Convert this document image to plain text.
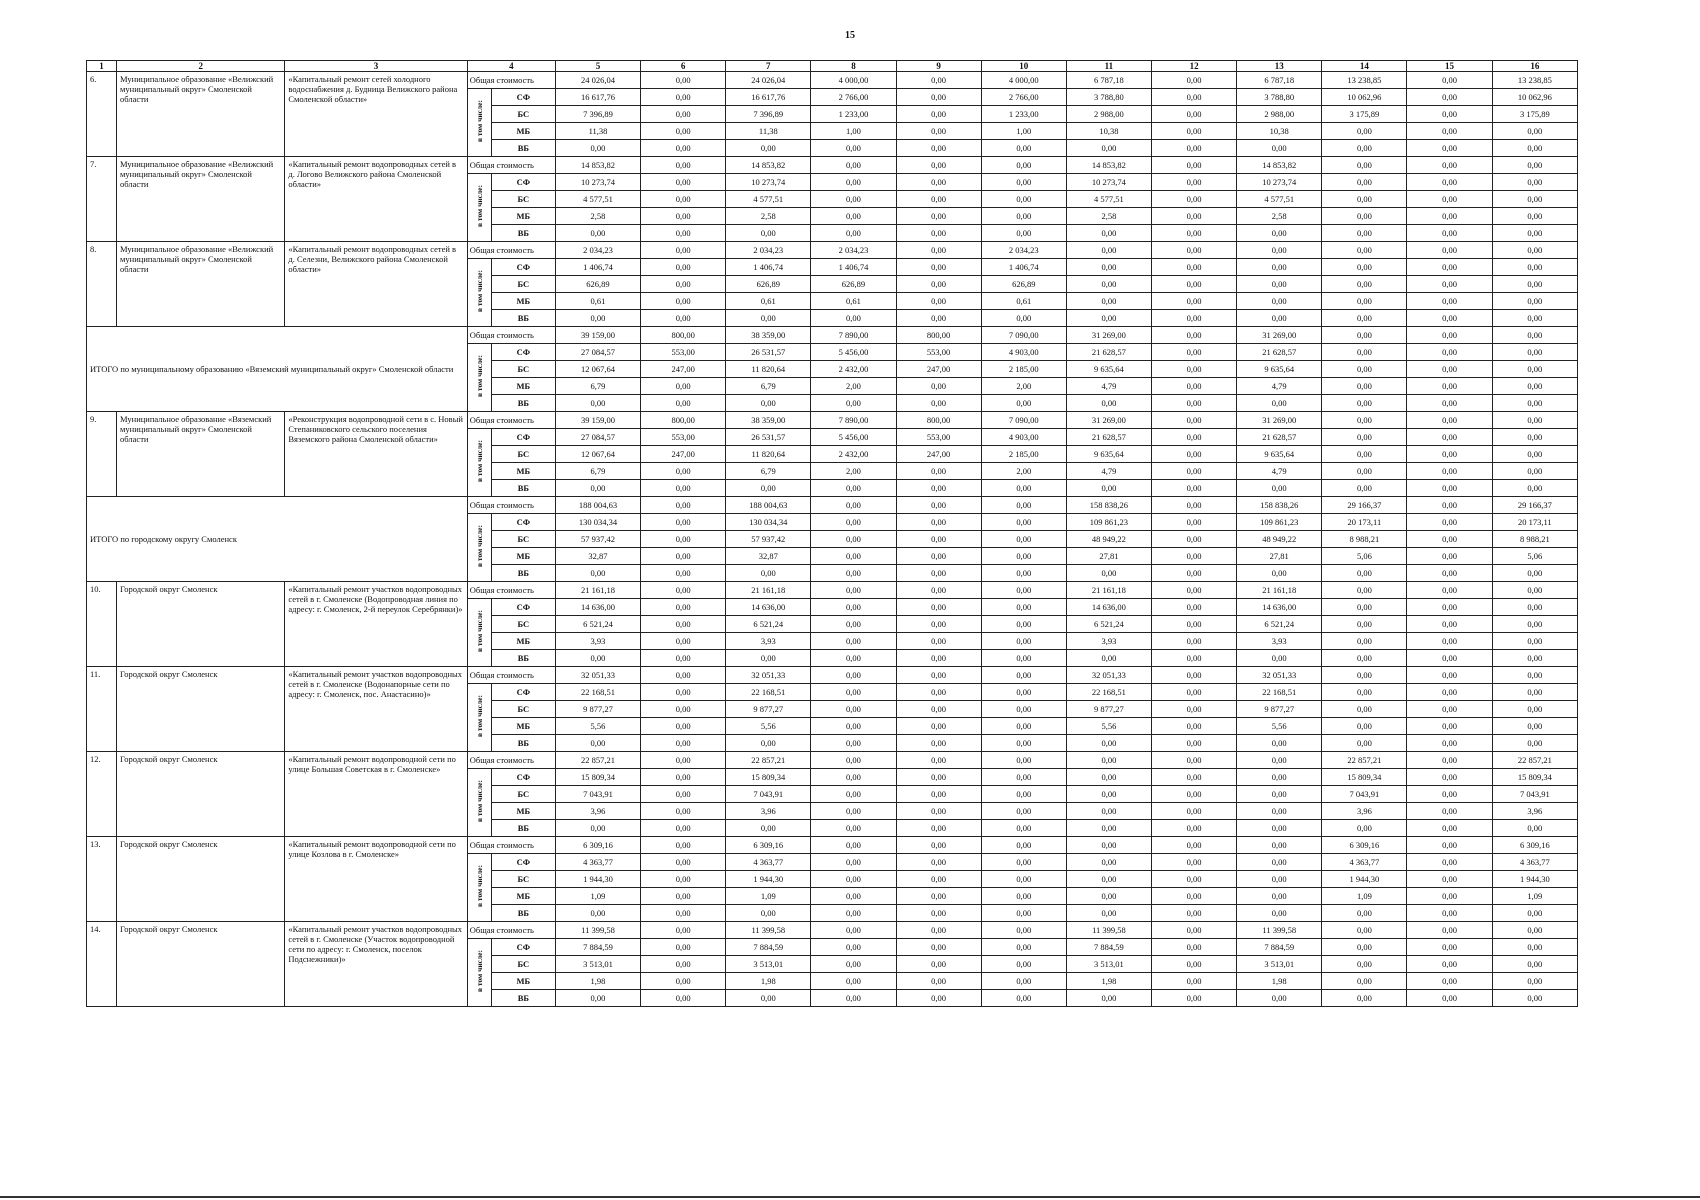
15
1	2	3	4		5	6	7	8	9	10	11	12	13	14	15	16
6.	Муниципальное образование «Велижский муниципальный округ» Смоленской области	«Капитальный ремонт сетей холодного водоснабжения д. Будница Велижского района Смоленской области»	Общая стоимость		24 026,04	0,00	24 026,04	4 000,00	0,00	4 000,00	6 787,18	0,00	6 787,18	13 238,85	0,00	13 238,85
			в том числе:	СФ	16 617,76	0,00	16 617,76	2 766,00	0,00	2 766,00	3 788,80	0,00	3 788,80	10 062,96	0,00	10 062,96
				БС	7 396,89	0,00	7 396,89	1 233,00	0,00	1 233,00	2 988,00	0,00	2 988,00	3 175,89	0,00	3 175,89
				МБ	11,38	0,00	11,38	1,00	0,00	1,00	10,38	0,00	10,38	0,00	0,00	0,00
				ВБ	0,00	0,00	0,00	0,00	0,00	0,00	0,00	0,00	0,00	0,00	0,00	0,00
7.	Муниципальное образование «Велижский муниципальный округ» Смоленской области	«Капитальный ремонт водопроводных сетей в д. Логово Велижского района Смоленской области»	Общая стоимость		14 853,82	0,00	14 853,82	0,00	0,00	0,00	14 853,82	0,00	14 853,82	0,00	0,00	0,00
			в том числе:	СФ	10 273,74	0,00	10 273,74	0,00	0,00	0,00	10 273,74	0,00	10 273,74	0,00	0,00	0,00
				БС	4 577,51	0,00	4 577,51	0,00	0,00	0,00	4 577,51	0,00	4 577,51	0,00	0,00	0,00
				МБ	2,58	0,00	2,58	0,00	0,00	0,00	2,58	0,00	2,58	0,00	0,00	0,00
				ВБ	0,00	0,00	0,00	0,00	0,00	0,00	0,00	0,00	0,00	0,00	0,00	0,00
8.	Муниципальное образование «Велижский муниципальный округ» Смоленской области	«Капитальный ремонт водопроводных сетей в д. Селезни, Велижского района Смоленской области»	Общая стоимость		2 034,23	0,00	2 034,23	2 034,23	0,00	2 034,23	0,00	0,00	0,00	0,00	0,00	0,00
			в том числе:	СФ	1 406,74	0,00	1 406,74	1 406,74	0,00	1 406,74	0,00	0,00	0,00	0,00	0,00	0,00
				БС	626,89	0,00	626,89	626,89	0,00	626,89	0,00	0,00	0,00	0,00	0,00	0,00
				МБ	0,61	0,00	0,61	0,61	0,00	0,61	0,00	0,00	0,00	0,00	0,00	0,00
				ВБ	0,00	0,00	0,00	0,00	0,00	0,00	0,00	0,00	0,00	0,00	0,00	0,00
ИТОГО по муниципальному образованию «Вяземский муниципальный округ» Смоленской области			Общая стоимость		39 159,00	800,00	38 359,00	7 890,00	800,00	7 090,00	31 269,00	0,00	31 269,00	0,00	0,00	0,00
			в том числе:	СФ	27 084,57	553,00	26 531,57	5 456,00	553,00	4 903,00	21 628,57	0,00	21 628,57	0,00	0,00	0,00
				БС	12 067,64	247,00	11 820,64	2 432,00	247,00	2 185,00	9 635,64	0,00	9 635,64	0,00	0,00	0,00
				МБ	6,79	0,00	6,79	2,00	0,00	2,00	4,79	0,00	4,79	0,00	0,00	0,00
				ВБ	0,00	0,00	0,00	0,00	0,00	0,00	0,00	0,00	0,00	0,00	0,00	0,00
9.	Муниципальное образование «Вяземский муниципальный округ» Смоленской области	«Реконструкция водопроводной сети в с. Новый Степаниковского сельского поселения Вяземского района Смоленской области»	Общая стоимость		39 159,00	800,00	38 359,00	7 890,00	800,00	7 090,00	31 269,00	0,00	31 269,00	0,00	0,00	0,00
			в том числе:	СФ	27 084,57	553,00	26 531,57	5 456,00	553,00	4 903,00	21 628,57	0,00	21 628,57	0,00	0,00	0,00
				БС	12 067,64	247,00	11 820,64	2 432,00	247,00	2 185,00	9 635,64	0,00	9 635,64	0,00	0,00	0,00
				МБ	6,79	0,00	6,79	2,00	0,00	2,00	4,79	0,00	4,79	0,00	0,00	0,00
				ВБ	0,00	0,00	0,00	0,00	0,00	0,00	0,00	0,00	0,00	0,00	0,00	0,00
ИТОГО по городскому округу Смоленск			Общая стоимость		188 004,63	0,00	188 004,63	0,00	0,00	0,00	158 838,26	0,00	158 838,26	29 166,37	0,00	29 166,37
			в том числе:	СФ	130 034,34	0,00	130 034,34	0,00	0,00	0,00	109 861,23	0,00	109 861,23	20 173,11	0,00	20 173,11
				БС	57 937,42	0,00	57 937,42	0,00	0,00	0,00	48 949,22	0,00	48 949,22	8 988,21	0,00	8 988,21
				МБ	32,87	0,00	32,87	0,00	0,00	0,00	27,81	0,00	27,81	5,06	0,00	5,06
				ВБ	0,00	0,00	0,00	0,00	0,00	0,00	0,00	0,00	0,00	0,00	0,00	0,00
10.	Городской округ Смоленск	«Капитальный ремонт участков водопроводных сетей в г. Смоленске (Водопроводная линия по адресу: г. Смоленск, 2-й переулок Серебрянки)»	Общая стоимость		21 161,18	0,00	21 161,18	0,00	0,00	0,00	21 161,18	0,00	21 161,18	0,00	0,00	0,00
			в том числе:	СФ	14 636,00	0,00	14 636,00	0,00	0,00	0,00	14 636,00	0,00	14 636,00	0,00	0,00	0,00
				БС	6 521,24	0,00	6 521,24	0,00	0,00	0,00	6 521,24	0,00	6 521,24	0,00	0,00	0,00
				МБ	3,93	0,00	3,93	0,00	0,00	0,00	3,93	0,00	3,93	0,00	0,00	0,00
				ВБ	0,00	0,00	0,00	0,00	0,00	0,00	0,00	0,00	0,00	0,00	0,00	0,00
11.	Городской округ Смоленск	«Капитальный ремонт участков водопроводных сетей в г. Смоленске (Водонапорные сети по адресу: г. Смоленск, пос. Анастасино)»	Общая стоимость		32 051,33	0,00	32 051,33	0,00	0,00	0,00	32 051,33	0,00	32 051,33	0,00	0,00	0,00
			в том числе:	СФ	22 168,51	0,00	22 168,51	0,00	0,00	0,00	22 168,51	0,00	22 168,51	0,00	0,00	0,00
				БС	9 877,27	0,00	9 877,27	0,00	0,00	0,00	9 877,27	0,00	9 877,27	0,00	0,00	0,00
				МБ	5,56	0,00	5,56	0,00	0,00	0,00	5,56	0,00	5,56	0,00	0,00	0,00
				ВБ	0,00	0,00	0,00	0,00	0,00	0,00	0,00	0,00	0,00	0,00	0,00	0,00
12.	Городской округ Смоленск	«Капитальный ремонт водопроводной сети по улице Большая Советская в г. Смоленске»	Общая стоимость		22 857,21	0,00	22 857,21	0,00	0,00	0,00	0,00	0,00	0,00	22 857,21	0,00	22 857,21
			в том числе:	СФ	15 809,34	0,00	15 809,34	0,00	0,00	0,00	0,00	0,00	0,00	15 809,34	0,00	15 809,34
				БС	7 043,91	0,00	7 043,91	0,00	0,00	0,00	0,00	0,00	0,00	7 043,91	0,00	7 043,91
				МБ	3,96	0,00	3,96	0,00	0,00	0,00	0,00	0,00	0,00	3,96	0,00	3,96
				ВБ	0,00	0,00	0,00	0,00	0,00	0,00	0,00	0,00	0,00	0,00	0,00	0,00
13.	Городской округ Смоленск	«Капитальный ремонт водопроводной сети по улице Козлова в г. Смоленске»	Общая стоимость		6 309,16	0,00	6 309,16	0,00	0,00	0,00	0,00	0,00	0,00	6 309,16	0,00	6 309,16
			в том числе:	СФ	4 363,77	0,00	4 363,77	0,00	0,00	0,00	0,00	0,00	0,00	4 363,77	0,00	4 363,77
				БС	1 944,30	0,00	1 944,30	0,00	0,00	0,00	0,00	0,00	0,00	1 944,30	0,00	1 944,30
				МБ	1,09	0,00	1,09	0,00	0,00	0,00	0,00	0,00	0,00	1,09	0,00	1,09
				ВБ	0,00	0,00	0,00	0,00	0,00	0,00	0,00	0,00	0,00	0,00	0,00	0,00
14.	Городской округ Смоленск	«Капитальный ремонт участков водопроводных сетей в г. Смоленске (Участок водопроводной сети по адресу: г. Смоленск, поселок Подснежники)»	Общая стоимость		11 399,58	0,00	11 399,58	0,00	0,00	0,00	11 399,58	0,00	11 399,58	0,00	0,00	0,00
			в том числе:	СФ	7 884,59	0,00	7 884,59	0,00	0,00	0,00	7 884,59	0,00	7 884,59	0,00	0,00	0,00
				БС	3 513,01	0,00	3 513,01	0,00	0,00	0,00	3 513,01	0,00	3 513,01	0,00	0,00	0,00
				МБ	1,98	0,00	1,98	0,00	0,00	0,00	1,98	0,00	1,98	0,00	0,00	0,00
				ВБ	0,00	0,00	0,00	0,00	0,00	0,00	0,00	0,00	0,00	0,00	0,00	0,00
